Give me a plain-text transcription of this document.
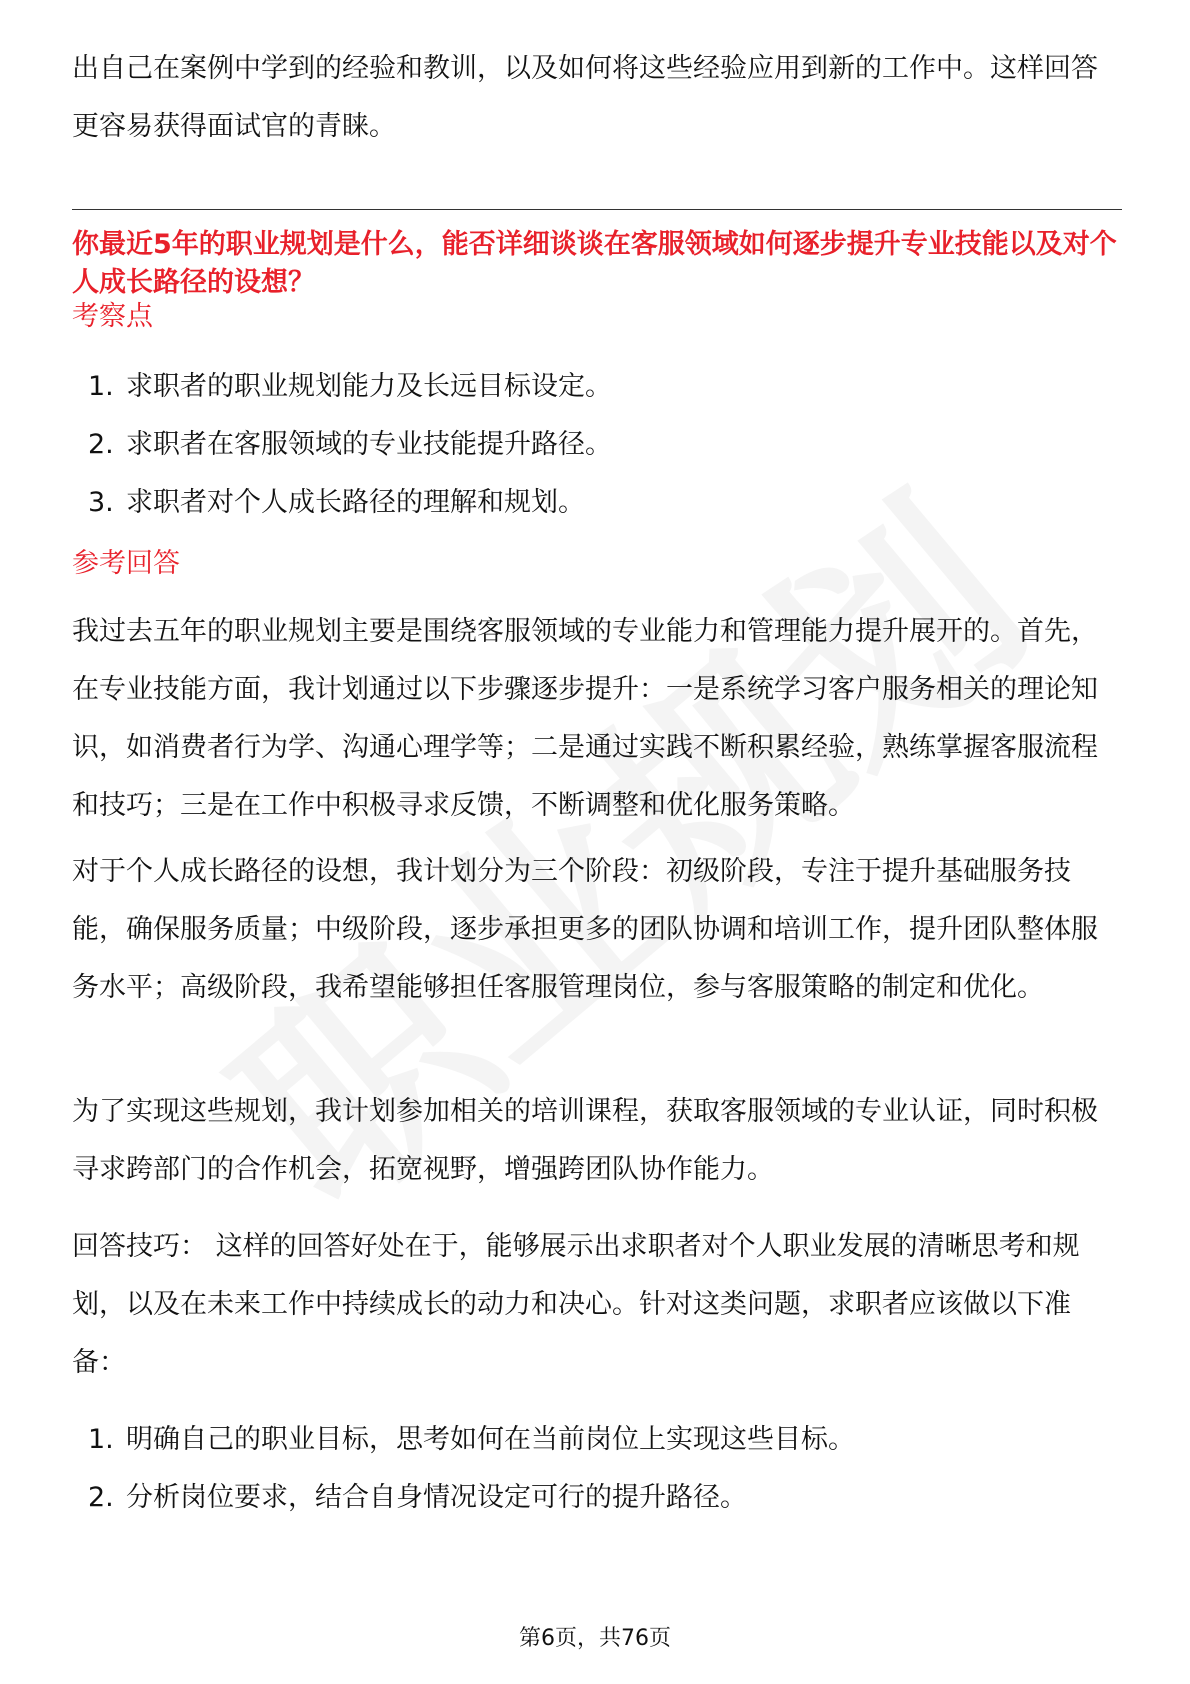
出自己在案例中学到的经验和教训，以及如何将这些经验应用到新的工作中。这样回答更容易获得面试官的青睐。

你最近5年的职业规划是什么，能否详细谈谈在客服领域如何逐步提升专业技能以及对个人成长路径的设想？

考察点
1. 求职者的职业规划能力及长远目标设定。
2. 求职者在客服领域的专业技能提升路径。
3. 求职者对个人成长路径的理解和规划。
参考回答

我过去五年的职业规划主要是围绕客服领域的专业能力和管理能力提升展开的。首先，在专业技能方面，我计划通过以下步骤逐步提升：一是系统学习客户服务相关的理论知识，如消费者行为学、沟通心理学等；二是通过实践不断积累经验，熟练掌握客服流程和技巧；三是在工作中积极寻求反馈，不断调整和优化服务策略。

对于个人成长路径的设想，我计划分为三个阶段：初级阶段，专注于提升基础服务技能，确保服务质量；中级阶段，逐步承担更多的团队协调和培训工作，提升团队整体服务水平；高级阶段，我希望能够担任客服管理岗位，参与客服策略的制定和优化。

为了实现这些规划，我计划参加相关的培训课程，获取客服领域的专业认证，同时积极寻求跨部门的合作机会，拓宽视野，增强跨团队协作能力。

回答技巧： 这样的回答好处在于，能够展示出求职者对个人职业发展的清晰思考和规划，以及在未来工作中持续成长的动力和决心。针对这类问题，求职者应该做以下准备：

1. 明确自己的职业目标，思考如何在当前岗位上实现这些目标。
2. 分析岗位要求，结合自身情况设定可行的提升路径。
第6页，共76页
